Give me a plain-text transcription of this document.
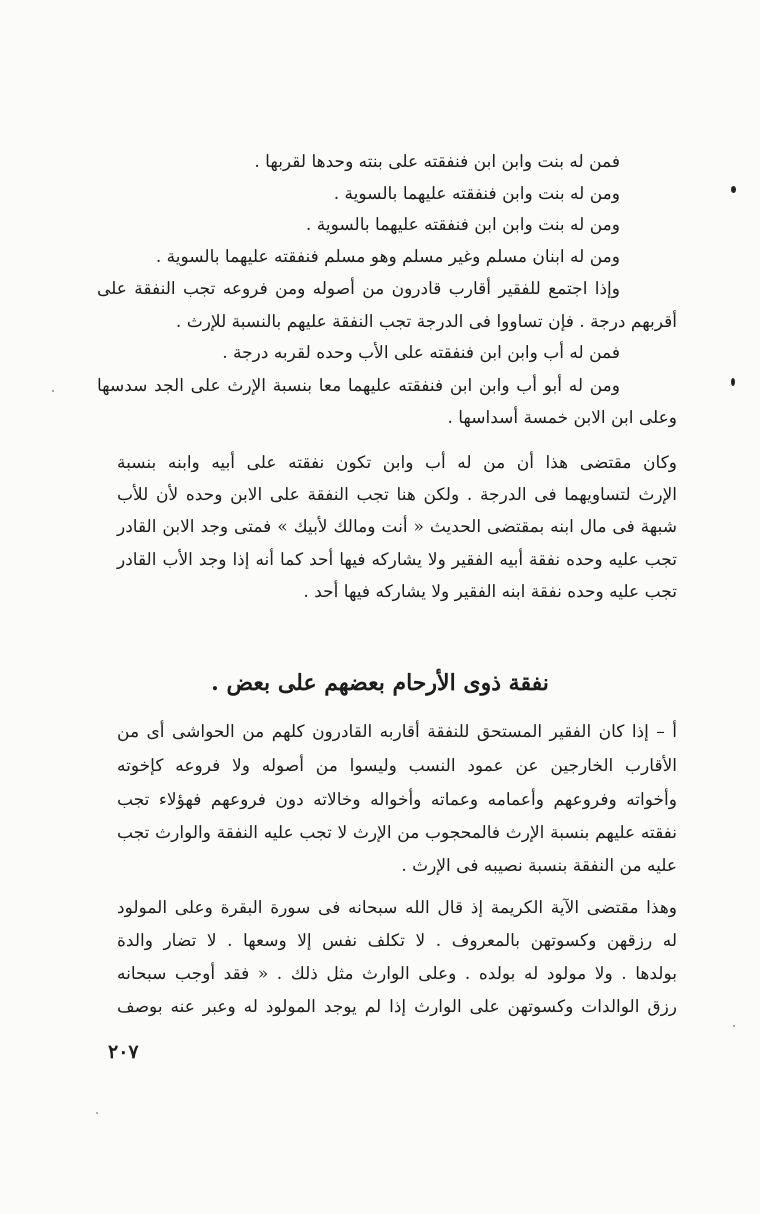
فمن له بنت وابن ابن فنفقته على بنته وحدها لقربها .
ومن له بنت وابن فنفقته عليهما بالسوية .
ومن له بنت وابن ابن فنفقته عليهما بالسوية .
ومن له ابنان مسلم وغير مسلم وهو مسلم فنفقته عليهما بالسوية .
وإذا اجتمع للفقير أقارب قادرون من أصوله ومن فروعه تجب النفقة على
أقربهم درجة . فإن تساووا فى الدرجة تجب النفقة عليهم بالنسبة للإرث .
فمن له أب وابن ابن فنفقته على الأب وحده لقربه درجة .
ومن له أبو أب وابن ابن فنفقته عليهما معا بنسبة الإرث على الجد سدسها
وعلى ابن الابن خمسة أسداسها .
وكان مقتضى هذا أن من له أب وابن تكون نفقته على أبيه وابنه بنسبة
الإرث لتساويهما فى الدرجة . ولكن هنا تجب النفقة على الابن وحده لأن للأب
شبهة فى مال ابنه بمقتضى الحديث « أنت ومالك لأبيك » فمتى وجد الابن القادر
تجب عليه وحده نفقة أبيه الفقير ولا يشاركه فيها أحد كما أنه إذا وجد الأب القادر
تجب عليه وحده نفقة ابنه الفقير ولا يشاركه فيها أحد .
نفقة ذوى الأرحام بعضهم على بعض .
أ – إذا كان الفقير المستحق للنفقة أقاربه القادرون كلهم من الحواشى أى من
الأقارب الخارجين عن عمود النسب وليسوا من أصوله ولا فروعه كإخوته
وأخواته وفروعهم وأعمامه وعماته وأخواله وخالاته دون فروعهم فهؤلاء تجب
نفقته عليهم بنسبة الإرث فالمحجوب من الإرث لا تجب عليه النفقة والوارث تجب
عليه من النفقة بنسبة نصيبه فى الإرث .
وهذا مقتضى الآية الكريمة إذ قال الله سبحانه فى سورة البقرة وعلى المولود
له رزقهن وكسوتهن بالمعروف . لا تكلف نفس إلا وسعها . لا تضار والدة
بولدها . ولا مولود له بولده . وعلى الوارث مثل ذلك . « فقد أوجب سبحانه
رزق الوالدات وكسوتهن على الوارث إذا لم يوجد المولود له وعبر عنه بوصف
٢٠٧
